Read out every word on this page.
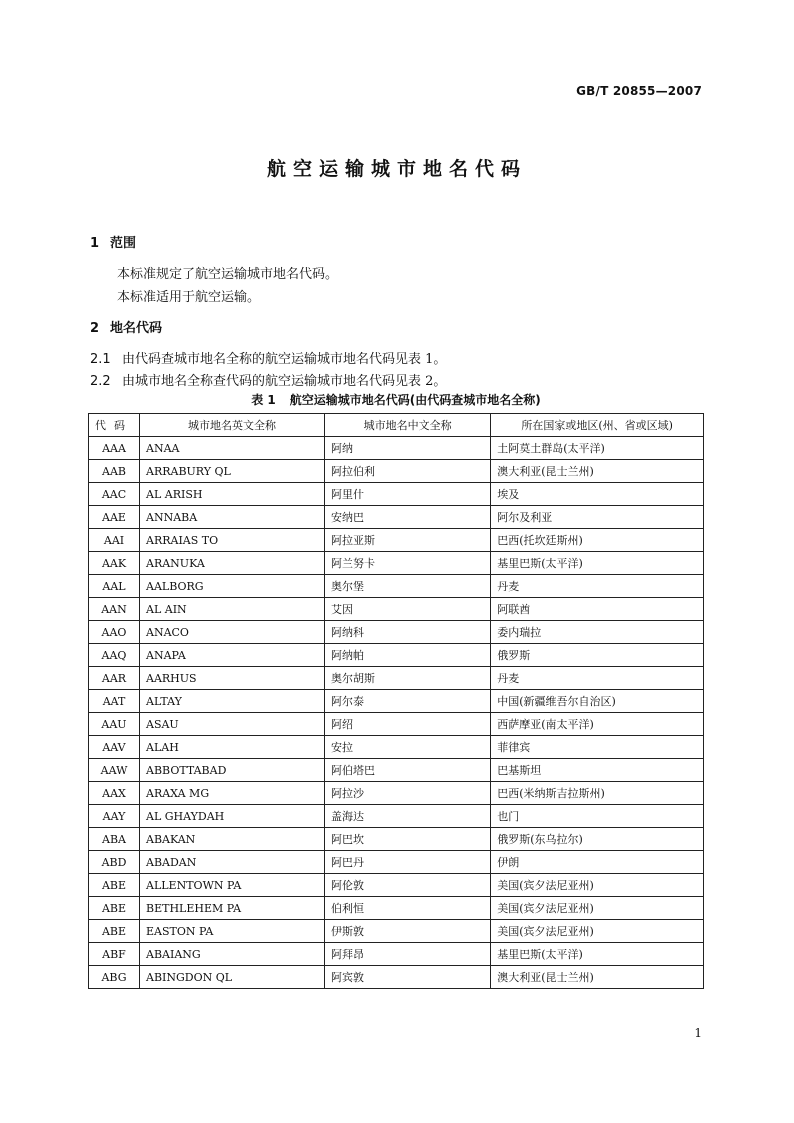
GB/T 20855—2007
航空运输城市地名代码
1 范围
本标准规定了航空运输城市地名代码。
本标准适用于航空运输。
2 地名代码
2.1 由代码查城市地名全称的航空运输城市地名代码见表 1。
2.2 由城市地名全称查代码的航空运输城市地名代码见表 2。
表 1 航空运输城市地名代码(由代码查城市地名全称)
代码	城市地名英文全称	城市地名中文全称	所在国家或地区(州、省或区域)
AAA	ANAA	阿纳	土阿莫土群岛(太平洋)
AAB	ARRABURY QL	阿拉伯利	澳大利亚(昆士兰州)
AAC	AL ARISH	阿里什	埃及
AAE	ANNABA	安纳巴	阿尔及利亚
AAI	ARRAIAS TO	阿拉亚斯	巴西(托坎廷斯州)
AAK	ARANUKA	阿兰努卡	基里巴斯(太平洋)
AAL	AALBORG	奥尔堡	丹麦
AAN	AL AIN	艾因	阿联酋
AAO	ANACO	阿纳科	委内瑞拉
AAQ	ANAPA	阿纳帕	俄罗斯
AAR	AARHUS	奥尔胡斯	丹麦
AAT	ALTAY	阿尔泰	中国(新疆维吾尔自治区)
AAU	ASAU	阿绍	西萨摩亚(南太平洋)
AAV	ALAH	安拉	菲律宾
AAW	ABBOTTABAD	阿伯塔巴	巴基斯坦
AAX	ARAXA MG	阿拉沙	巴西(米纳斯吉拉斯州)
AAY	AL GHAYDAH	盖海达	也门
ABA	ABAKAN	阿巴坎	俄罗斯(东乌拉尔)
ABD	ABADAN	阿巴丹	伊朗
ABE	ALLENTOWN PA	阿伦敦	美国(宾夕法尼亚州)
ABE	BETHLEHEM PA	伯利恒	美国(宾夕法尼亚州)
ABE	EASTON PA	伊斯敦	美国(宾夕法尼亚州)
ABF	ABAIANG	阿拜昂	基里巴斯(太平洋)
ABG	ABINGDON QL	阿宾敦	澳大利亚(昆士兰州)
1
